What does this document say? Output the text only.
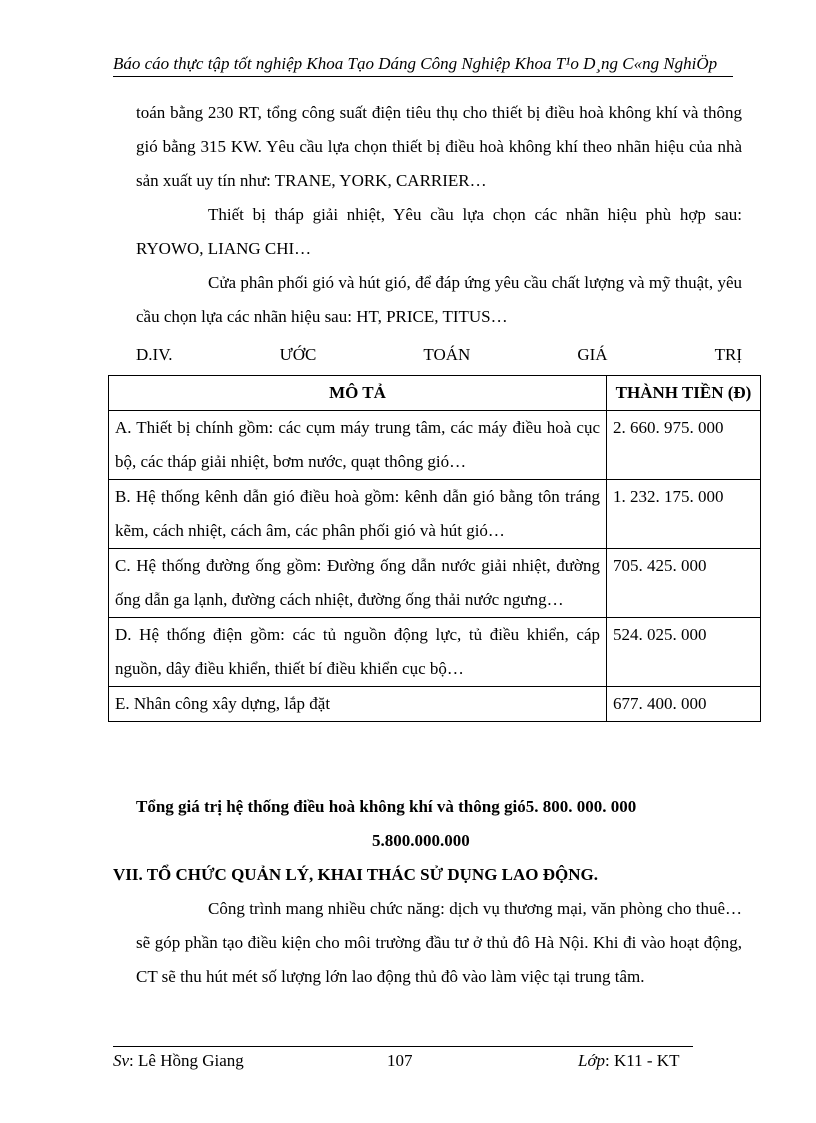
Báo cáo thực tập tốt nghiệp Khoa Tạo Dáng Công Nghiệp Khoa T¹o D¸ng C«ng NghiÖp
toán bằng 230 RT, tổng công suất điện tiêu thụ cho thiết bị điều hoà không khí và thông gió bằng 315 KW. Yêu cầu lựa chọn thiết bị điều hoà không khí theo nhãn hiệu của nhà sản xuất uy tín như: TRANE, YORK, CARRIER…
Thiết bị tháp giải nhiệt, Yêu cầu lựa chọn các nhãn hiệu phù hợp sau: RYOWO, LIANG CHI…
Cửa phân phối gió và hút gió, để đáp ứng yêu cầu chất lượng và mỹ thuật, yêu cầu chọn lựa các nhãn hiệu sau: HT, PRICE, TITUS…
D.IV.	ƯỚC	TOÁN	GIÁ	TRỊ
MÔ TẢ	THÀNH TIỀN (Đ)
A. Thiết bị chính gồm: các cụm máy trung tâm, các máy điều hoà cục bộ, các tháp giải nhiệt, bơm nước, quạt thông gió…	2. 660. 975. 000
B. Hệ thống kênh dẫn gió điều hoà gồm: kênh dẫn gió bằng tôn tráng kẽm, cách nhiệt, cách âm, các phân phối gió và hút gió…	1. 232. 175. 000
C. Hệ thống đường ống gồm: Đường ống dẫn nước giải nhiệt, đường ống dẫn ga lạnh, đường cách nhiệt, đường ống thải nước ngưng…	705. 425. 000
D. Hệ thống điện gồm: các tủ nguồn động lực, tủ điều khiển, cáp nguồn, dây điều khiển, thiết bí điều khiển cục bộ…	524. 025. 000
E. Nhân công xây dựng, lắp đặt	677. 400. 000
Tổng giá trị hệ thống điều hoà không khí và thông gió5. 800. 000. 000
5.800.000.000
VII. TỔ CHỨC QUẢN LÝ, KHAI THÁC SỬ DỤNG LAO ĐỘNG.
Công trình mang nhiều chức năng: dịch vụ thương mại, văn phòng cho thuê… sẽ góp phần tạo điều kiện cho môi trường đầu tư ở thủ đô Hà Nội. Khi đi vào hoạt động, CT sẽ thu hút mét số lượng lớn lao động thủ đô vào làm việc tại trung tâm.
Sv: Lê Hồng Giang	107	Lớp: K11 - KT
